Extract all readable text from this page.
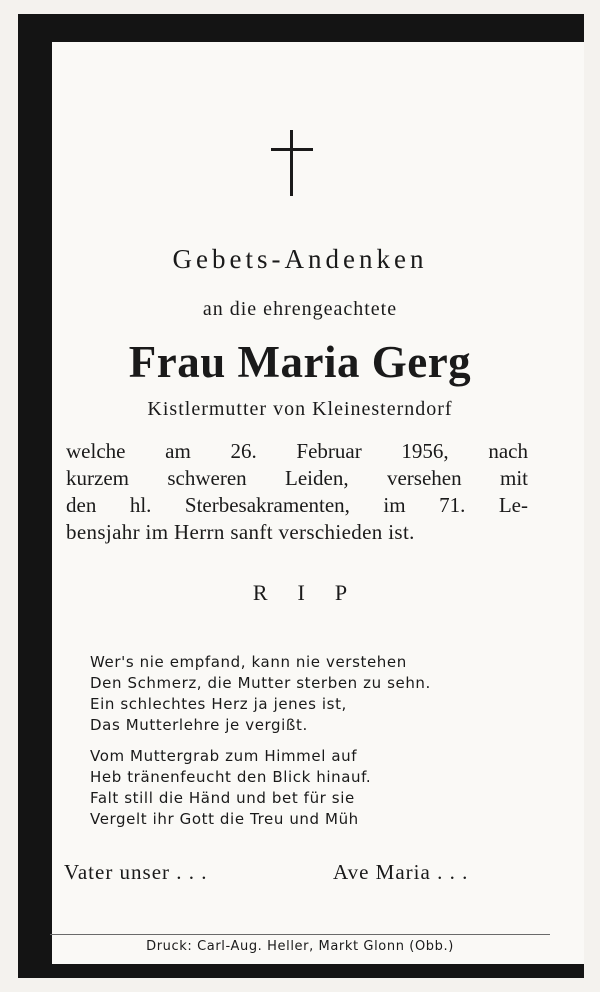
Gebets-Andenken
an die ehrengeachtete
Frau Maria Gerg
Kistlermutter von Kleinesterndorf
welche am 26. Februar 1956, nach
kurzem schweren Leiden, versehen mit
den hl. Sterbesakramenten, im 71. Le-
bensjahr im Herrn sanft verschieden ist.
RIP
Wer's nie empfand, kann nie verstehen
Den Schmerz, die Mutter sterben zu sehn.
Ein schlechtes Herz ja jenes ist,
Das Mutterlehre je vergißt.
Vom Muttergrab zum Himmel auf
Heb tränenfeucht den Blick hinauf.
Falt still die Händ und bet für sie
Vergelt ihr Gott die Treu und Müh
Vater unser . . .	Ave Maria . . .
Druck: Carl-Aug. Heller, Markt Glonn (Obb.)
